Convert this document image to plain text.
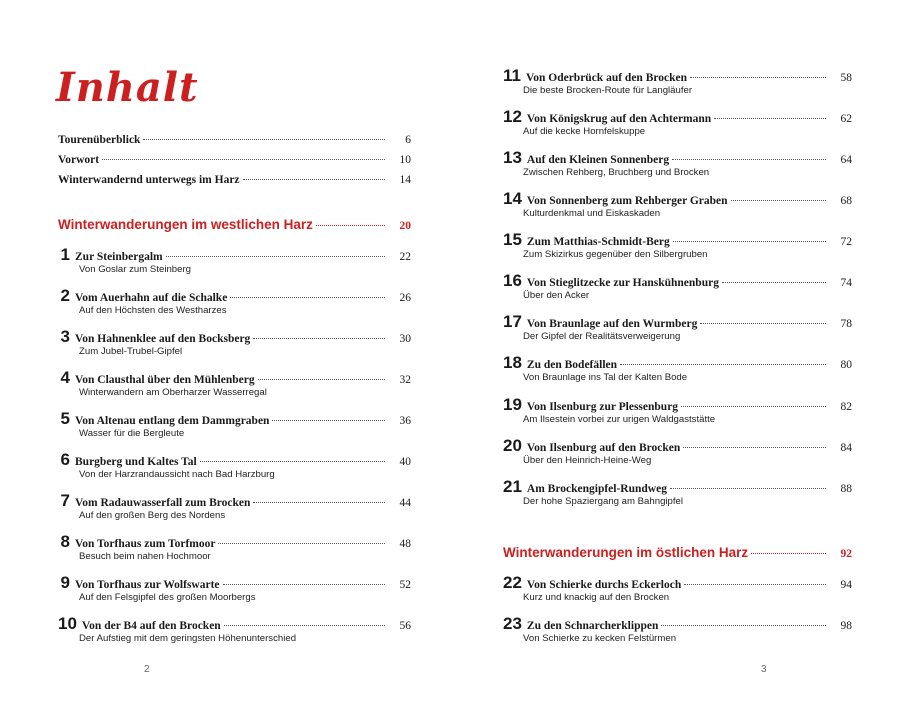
Inhalt
Tourenüberblick	6
Vorwort	10
Winterwandernd unterwegs im Harz	14
Winterwanderungen im westlichen Harz	20
1 Zur Steinbergalm	22
Von Goslar zum Steinberg
2 Vom Auerhahn auf die Schalke	26
Auf den Höchsten des Westharzes
3 Von Hahnenklee auf den Bocksberg	30
Zum Jubel-Trubel-Gipfel
4 Von Clausthal über den Mühlenberg	32
Winterwandern am Oberharzer Wasserregal
5 Von Altenau entlang dem Dammgraben	36
Wasser für die Bergleute
6 Burgberg und Kaltes Tal	40
Von der Harzrandaussicht nach Bad Harzburg
7 Vom Radauwasserfall zum Brocken	44
Auf den großen Berg des Nordens
8 Von Torfhaus zum Torfmoor	48
Besuch beim nahen Hochmoor
9 Von Torfhaus zur Wolfswarte	52
Auf den Felsgipfel des großen Moorbergs
10 Von der B4 auf den Brocken	56
Der Aufstieg mit dem geringsten Höhenunterschied
2
11 Von Oderbrück auf den Brocken	58
Die beste Brocken-Route für Langläufer
12 Von Königskrug auf den Achtermann	62
Auf die kecke Hornfelskuppe
13 Auf den Kleinen Sonnenberg	64
Zwischen Rehberg, Bruchberg und Brocken
14 Von Sonnenberg zum Rehberger Graben	68
Kulturdenkmal und Eiskaskaden
15 Zum Matthias-Schmidt-Berg	72
Zum Skizirkus gegenüber den Silbergruben
16 Von Stieglitzecke zur Hanskühnenburg	74
Über den Acker
17 Von Braunlage auf den Wurmberg	78
Der Gipfel der Realitätsverweigerung
18 Zu den Bodefällen	80
Von Braunlage ins Tal der Kalten Bode
19 Von Ilsenburg zur Plessenburg	82
Am Ilsestein vorbei zur urigen Waldgaststätte
20 Von Ilsenburg auf den Brocken	84
Über den Heinrich-Heine-Weg
21 Am Brockengipfel-Rundweg	88
Der hohe Spaziergang am Bahngipfel
Winterwanderungen im östlichen Harz	92
22 Von Schierke durchs Eckerloch	94
Kurz und knackig auf den Brocken
23 Zu den Schnarcherklippen	98
Von Schierke zu kecken Felstürmen
3
